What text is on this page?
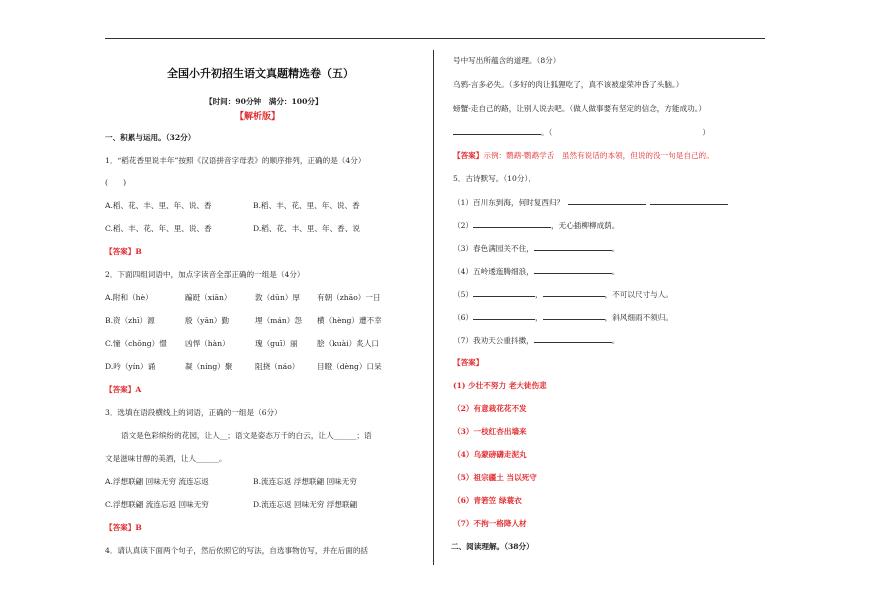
全国小升初招生语文真题精选卷（五）
【时间：90分钟　满分：100分】
【解析版】
一、积累与运用。（32分）
1．“稻花香里说丰年”按照《汉语拼音字母表》的顺序排列，正确的是（4分）
(　　)
A.稻、花、丰、里、年、说、香	B.稻、丰、花、里、年、说、香
C.稻、丰、花、年、里、说、香	D.稻、花、丰、里、年、香、说
【答案】B
2．下面四组词语中，加点字读音全部正确的一组是（4分）
A.附和（hè）	蹁跹（xiān）	敦（dūn）厚 有朝（zhāo）一日
B.资（zhī）源	殷（yān）勤	埋（mán）怨 横（hèng）遭不幸
C.憧（chōng）憬 凶悍（hàn）	瑰（guī）丽	脍（kuài）炙人口
D.吟（yín）诵	凝（níng）聚	阻挠（náo） 目瞪（dèng）口呆
【答案】A
3．选填在语段横线上的词语，正确的一组是（6分）
语文是色彩缤纷的花园，让人__；语文是姿态万千的白云，让人______；语
文是滋味甘醇的美酒，让人______。
A.浮想联翩 回味无穷 流连忘返	B.流连忘返 浮想联翩 回味无穷
C.浮想联翩 流连忘返 回味无穷	D.流连忘返 回味无穷 浮想联翩
【答案】B
4．请认真读下面两个句子，然后依照它的写法，自选事物仿写，并在后面的括
号中写出所蕴含的道理。（8分）
乌鸦-言多必失。（多好的肉让狐狸吃了，真不该被虚荣冲昏了头脑。）
螃蟹-走自己的路，让别人说去吧。（做人做事要有坚定的信念，方能成功。）
。（	）
【答案】示例：鹦鹉-鹦鹉学舌　虽然有说话的本领，但说的没一句是自己的。
5．古诗默写。（10分）．
（1）百川东到海，何时复西归？
（2）	，无心插柳柳成荫。
（3）春色满园关不住，	。
（4）五岭逶迤腾细浪，	。
（5）	，	，不可以尺寸与人。
（6）	，	，斜风细雨不须归。
（7）我劝天公重抖擞，	。
【答案】
(1) 少壮不努力 老大徒伤悲
（2）有意栽花花不发
（3）一枝红杏出墙来
（4）乌蒙磅礴走泥丸
（5）祖宗疆土 当以死守
（6）青箬笠 绿蓑衣
（7）不拘一格降人材
二、阅读理解。（38分）
